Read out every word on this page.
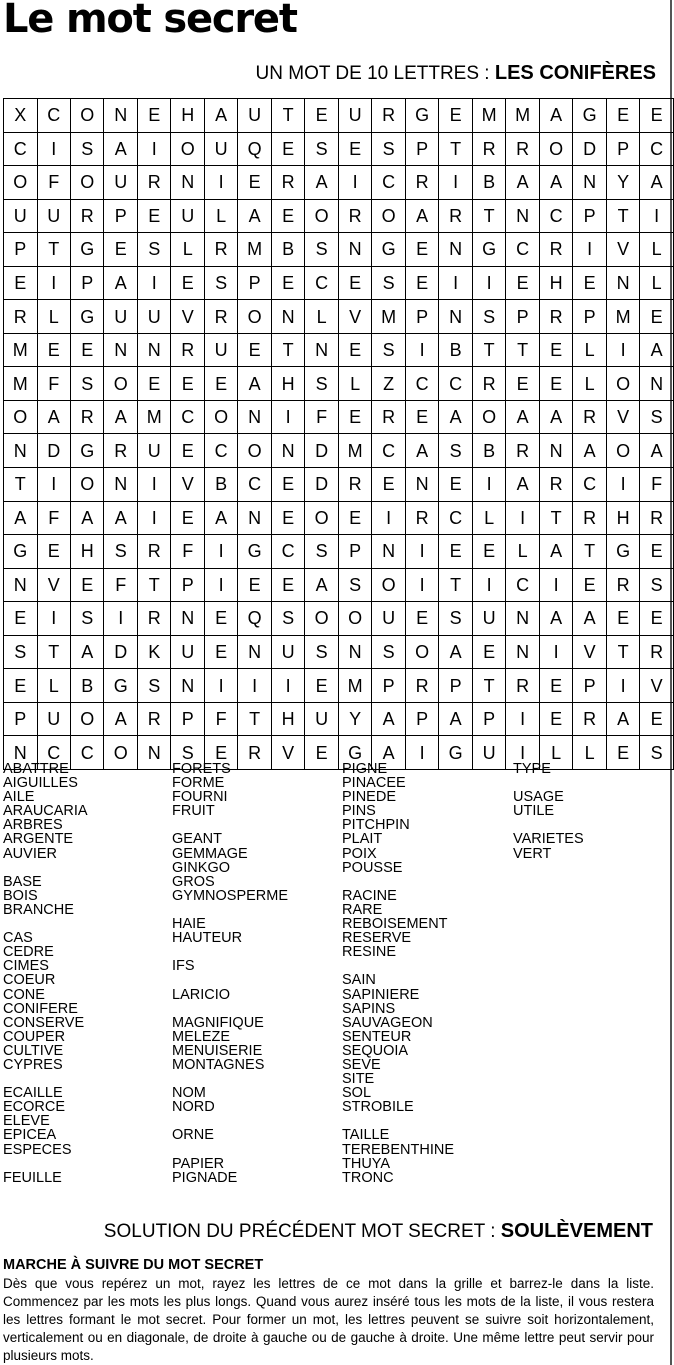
Le mot secret
UN MOT DE 10 LETTRES : LES CONIFÈRES
X	C	O	N	E	H	A	U	T	E	U	R	G	E	M	M	A	G	E	E
C	I	S	A	I	O	U	Q	E	S	E	S	P	T	R	R	O	D	P	C
O	F	O	U	R	N	I	E	R	A	I	C	R	I	B	A	A	N	Y	A
U	U	R	P	E	U	L	A	E	O	R	O	A	R	T	N	C	P	T	I
P	T	G	E	S	L	R	M	B	S	N	G	E	N	G	C	R	I	V	L
E	I	P	A	I	E	S	P	E	C	E	S	E	I	I	E	H	E	N	L
R	L	G	U	U	V	R	O	N	L	V	M	P	N	S	P	R	P	M	E
M	E	E	N	N	R	U	E	T	N	E	S	I	B	T	T	E	L	I	A
M	F	S	O	E	E	E	A	H	S	L	Z	C	C	R	E	E	L	O	N
O	A	R	A	M	C	O	N	I	F	E	R	E	A	O	A	A	R	V	S
N	D	G	R	U	E	C	O	N	D	M	C	A	S	B	R	N	A	O	A
T	I	O	N	I	V	B	C	E	D	R	E	N	E	I	A	R	C	I	F
A	F	A	A	I	E	A	N	E	O	E	I	R	C	L	I	T	R	H	R
G	E	H	S	R	F	I	G	C	S	P	N	I	E	E	L	A	T	G	E
N	V	E	F	T	P	I	E	E	A	S	O	I	T	I	C	I	E	R	S
E	I	S	I	R	N	E	Q	S	O	O	U	E	S	U	N	A	A	E	E
S	T	A	D	K	U	E	N	U	S	N	S	O	A	E	N	I	V	T	R
E	L	B	G	S	N	I	I	I	E	M	P	R	P	T	R	E	P	I	V
P	U	O	A	R	P	F	T	H	U	Y	A	P	A	P	I	E	R	A	E
N	C	C	O	N	S	E	R	V	E	G	A	I	G	U	I	L	L	E	S
ABATTRE
AIGUILLES
AILE
ARAUCARIA
ARBRES
ARGENTE
AUVIER
BASE
BOIS
BRANCHE
CAS
CEDRE
CIMES
COEUR
CONE
CONIFERE
CONSERVE
COUPER
CULTIVE
CYPRES
ECAILLE
ECORCE
ELEVE
EPICEA
ESPECES
FEUILLE
FORETS
FORME
FOURNI
FRUIT
GEANT
GEMMAGE
GINKGO
GROS
GYMNOSPERME
HAIE
HAUTEUR
IFS
LARICIO
MAGNIFIQUE
MELEZE
MENUISERIE
MONTAGNES
NOM
NORD
ORNE
PAPIER
PIGNADE
PIGNE
PINACEE
PINEDE
PINS
PITCHPIN
PLAIT
POIX
POUSSE
RACINE
RARE
REBOISEMENT
RESERVE
RESINE
SAIN
SAPINIERE
SAPINS
SAUVAGEON
SENTEUR
SEQUOIA
SEVE
SITE
SOL
STROBILE
TAILLE
TEREBENTHINE
THUYA
TRONC
TYPE
USAGE
UTILE
VARIETES
VERT
SOLUTION DU PRÉCÉDENT MOT SECRET : SOULÈVEMENT
MARCHE À SUIVRE DU MOT SECRET

Dès que vous repérez un mot, rayez les lettres de ce mot dans la grille et barrez-le dans la liste. Commencez par les mots les plus longs. Quand vous aurez inséré tous les mots de la liste, il vous restera les lettres formant le mot secret. Pour former un mot, les lettres peuvent se suivre soit horizontalement, verticalement ou en diagonale, de droite à gauche ou de gauche à droite. Une même lettre peut servir pour plusieurs mots.
